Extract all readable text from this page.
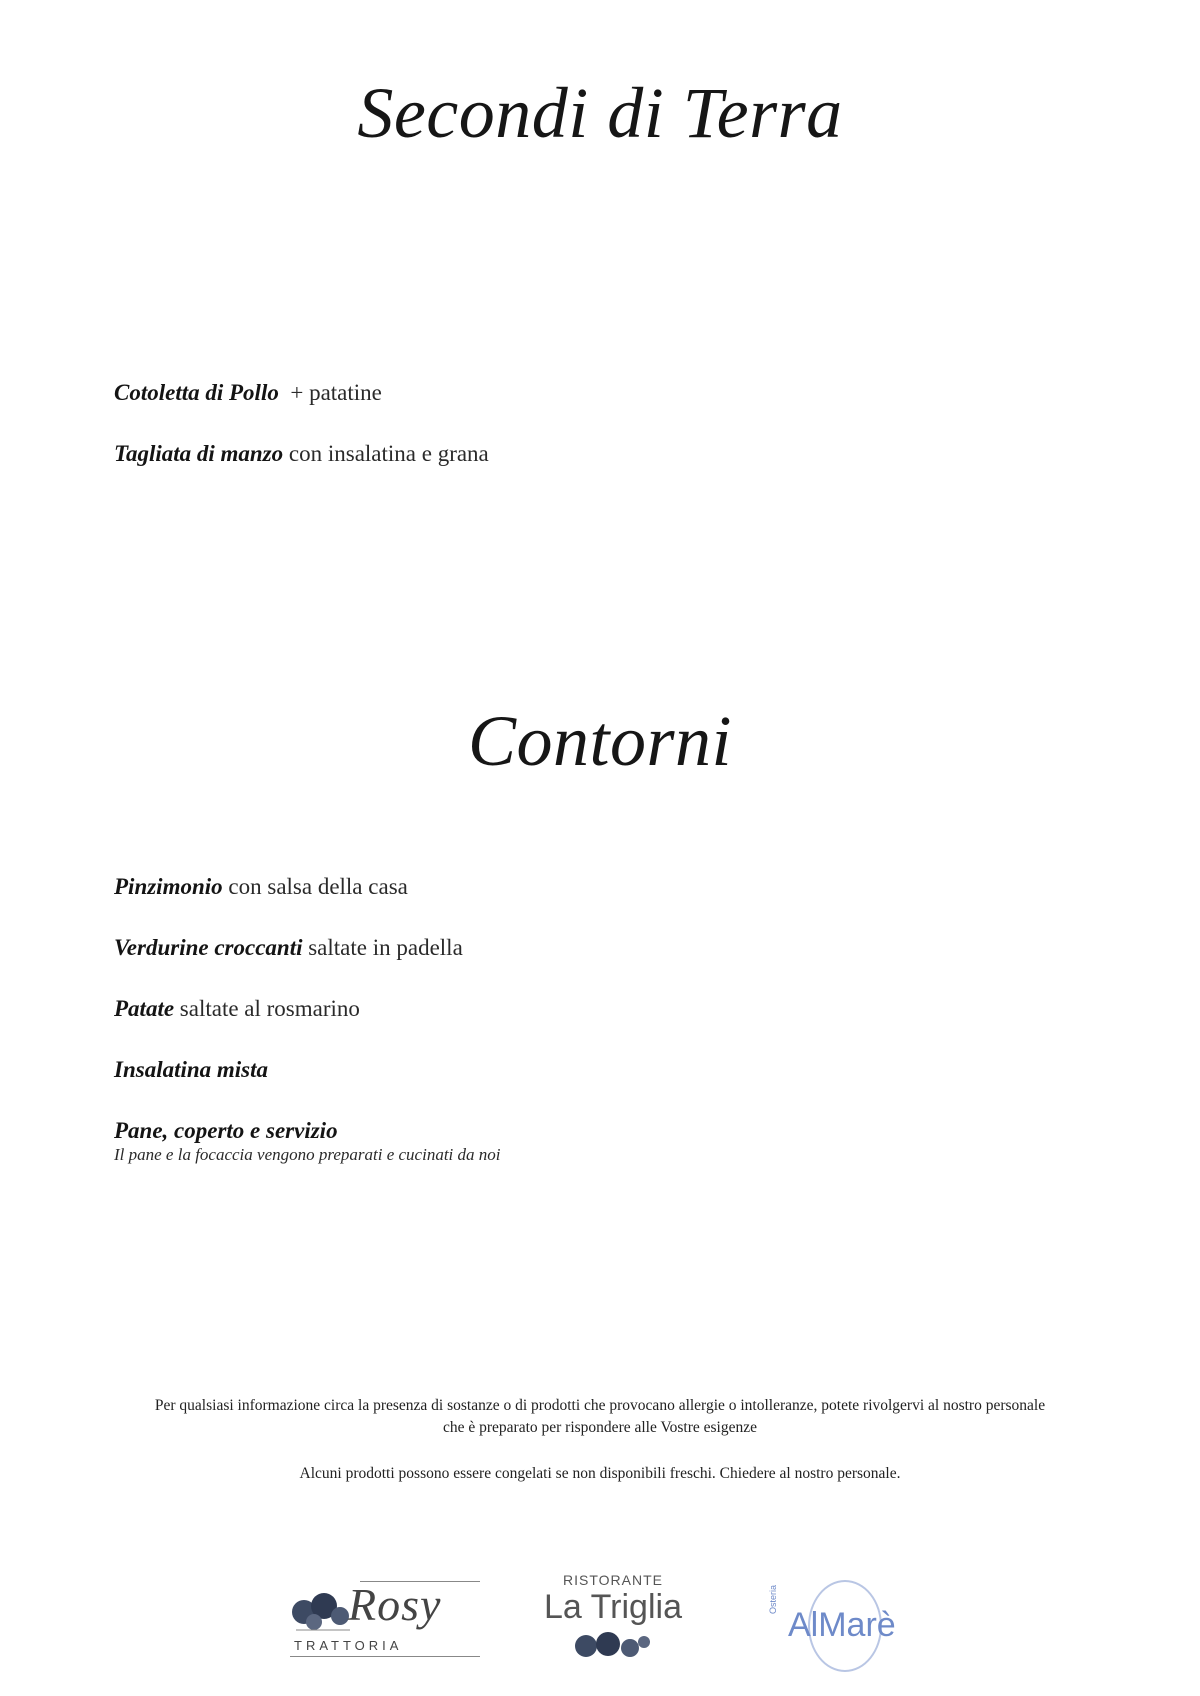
Secondi di Terra
Cotoletta di Pollo + patatine
Tagliata di manzo con insalatina e grana
Contorni
Pinzimonio con salsa della casa
Verdurine croccanti saltate in padella
Patate saltate al rosmarino
Insalatina mista
Pane, coperto e servizio
Il pane e la focaccia vengono preparati e cucinati da noi

Per qualsiasi informazione circa la presenza di sostanze o di prodotti che provocano allergie o intolleranze, potete rivolgervi al nostro personale
che è preparato per rispondere alle Vostre esigenze

Alcuni prodotti possono essere congelati se non disponibili freschi. Chiedere al nostro personale.

Rosy
TRATTORIA
RISTORANTE
La Triglia	Osteria
AlMarè
